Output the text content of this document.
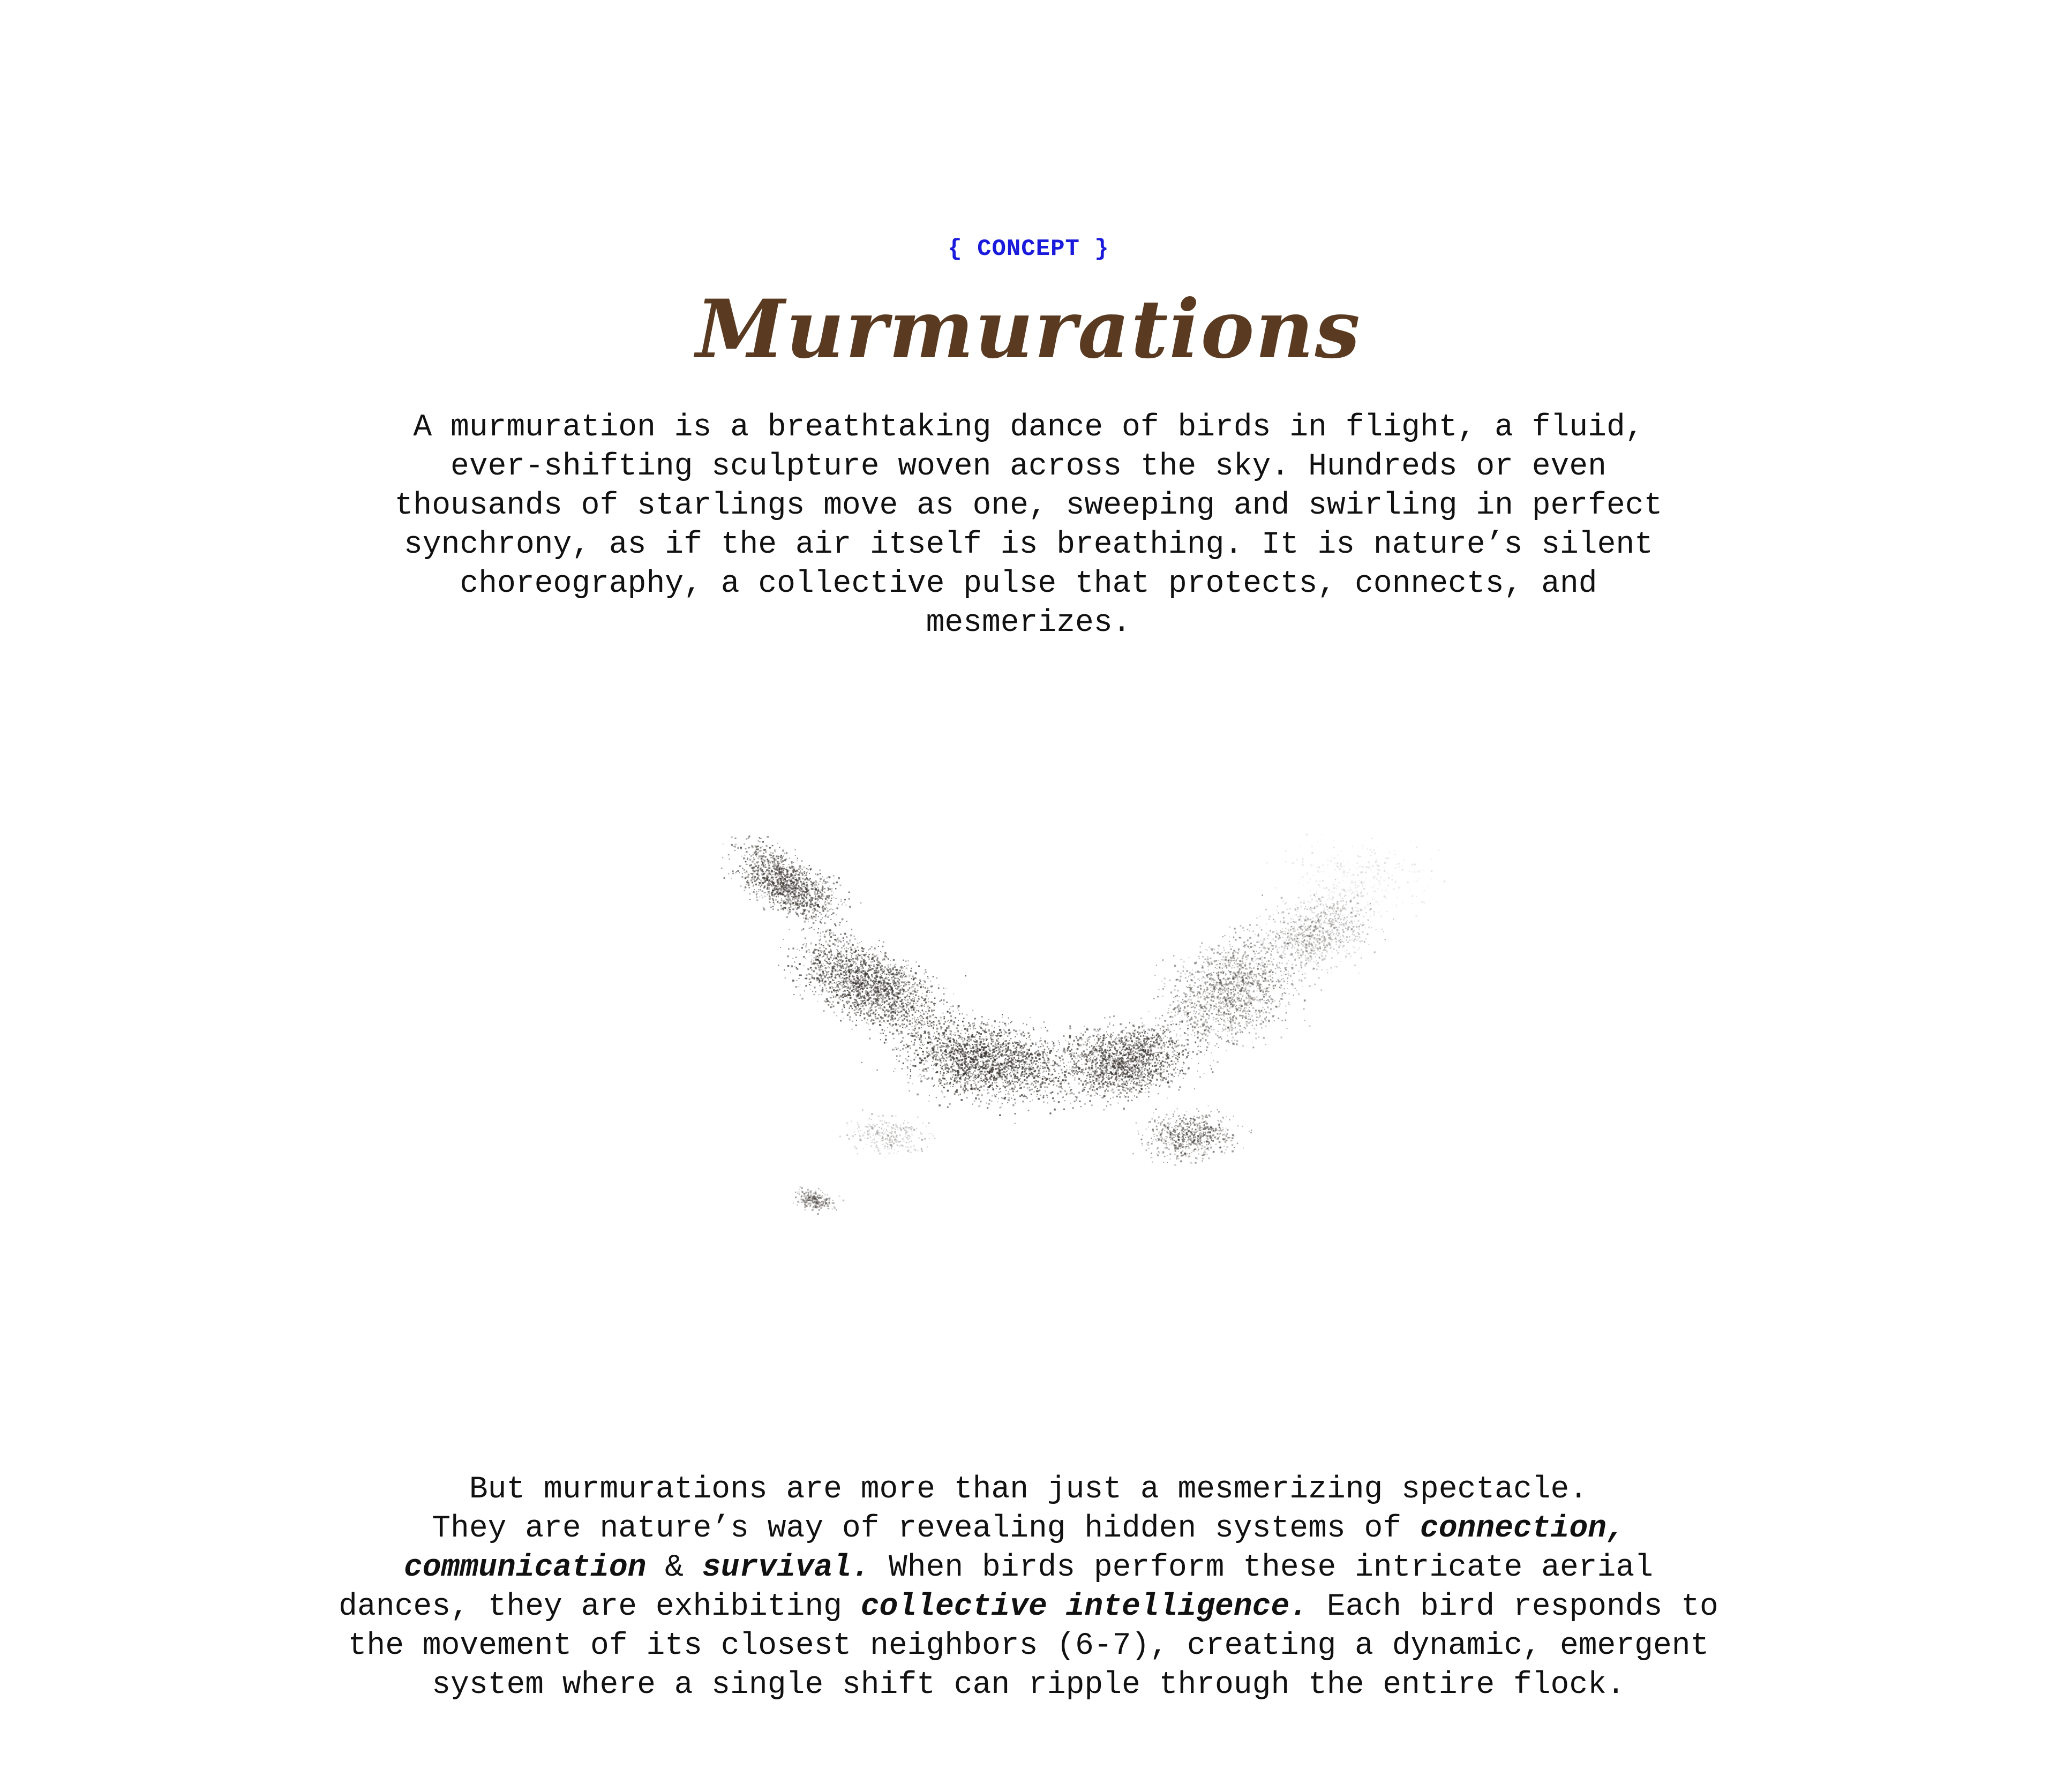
{ CONCEPT }

Murmurations

A murmuration is a breathtaking dance of birds in flight, a fluid, ever-shifting sculpture woven across the sky. Hundreds or even thousands of starlings move as one, sweeping and swirling in perfect synchrony, as if the air itself is breathing. It is nature’s silent choreography, a collective pulse that protects, connects, and mesmerizes.

But murmurations are more than just a mesmerizing spectacle.
They are nature’s way of revealing hidden systems of connection, communication & survival. When birds perform these intricate aerial dances, they are exhibiting collective intelligence. Each bird responds to the movement of its closest neighbors (6-7), creating a dynamic, emergent system where a single shift can ripple through the entire flock.
